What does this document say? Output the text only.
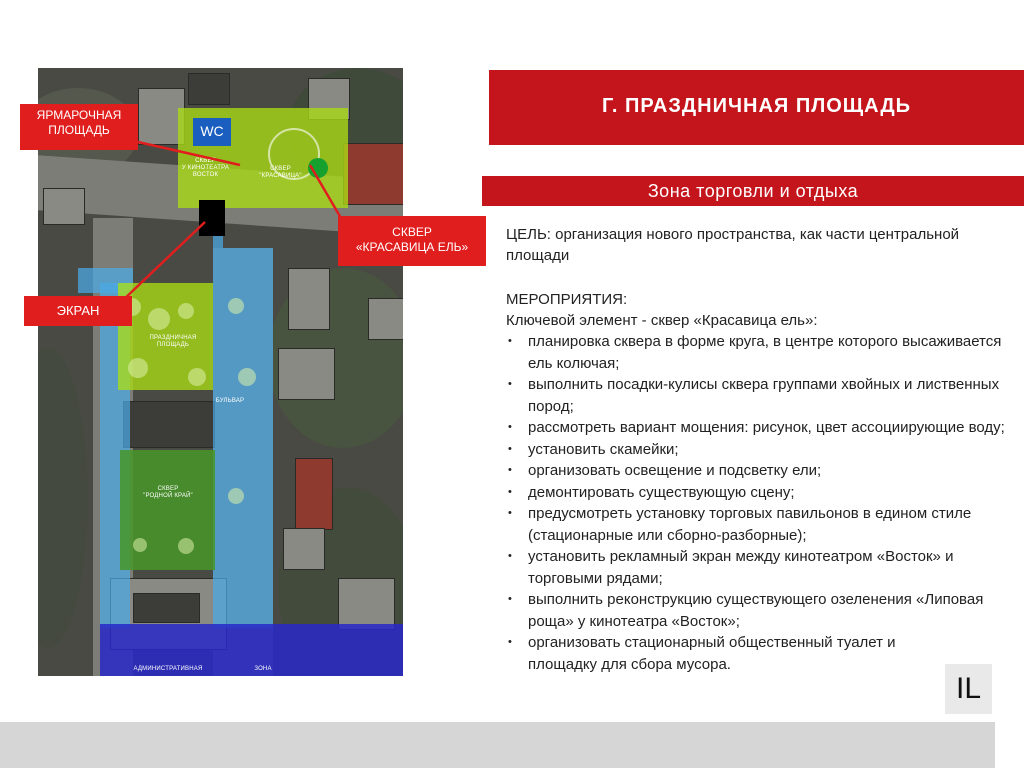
СКВЕР
У КИНОТЕАТРА
ВОСТОК
СКВЕР
"КРАСАВИЦА"
ПРАЗДНИЧНАЯ
ПЛОЩАДЬ
БУЛЬВАР
СКВЕР
"РОДНОЙ КРАЙ"
АДМИНИСТРАТИВНАЯ	ЗОНА
ЯРМАРОЧНАЯ
ПЛОЩАДЬ	WC
СКВЕР
«КРАСАВИЦА ЕЛЬ»
ЭКРАН
Г. ПРАЗДНИЧНАЯ ПЛОЩАДЬ
Зона торговли и отдыха
ЦЕЛЬ: организация нового пространства, как части центральной площади
МЕРОПРИЯТИЯ:
Ключевой элемент - сквер «Красавица ель»:
• планировка сквера в форме круга, в центре которого высаживается ель колючая;
• выполнить посадки-кулисы сквера группами хвойных и лиственных пород;
• рассмотреть вариант мощения: рисунок, цвет ассоциирующие воду;
• установить скамейки;
• организовать освещение и подсветку ели;
• демонтировать существующую сцену;
• предусмотреть установку торговых павильонов в едином стиле (стационарные или сборно-разборные);
• установить рекламный экран между кинотеатром «Восток» и торговыми рядами;
• выполнить реконструкцию существующего озеленения «Липовая роща» у кинотеатра «Восток»;
• организовать стационарный общественный туалет и площадку для сбора мусора.
IL
